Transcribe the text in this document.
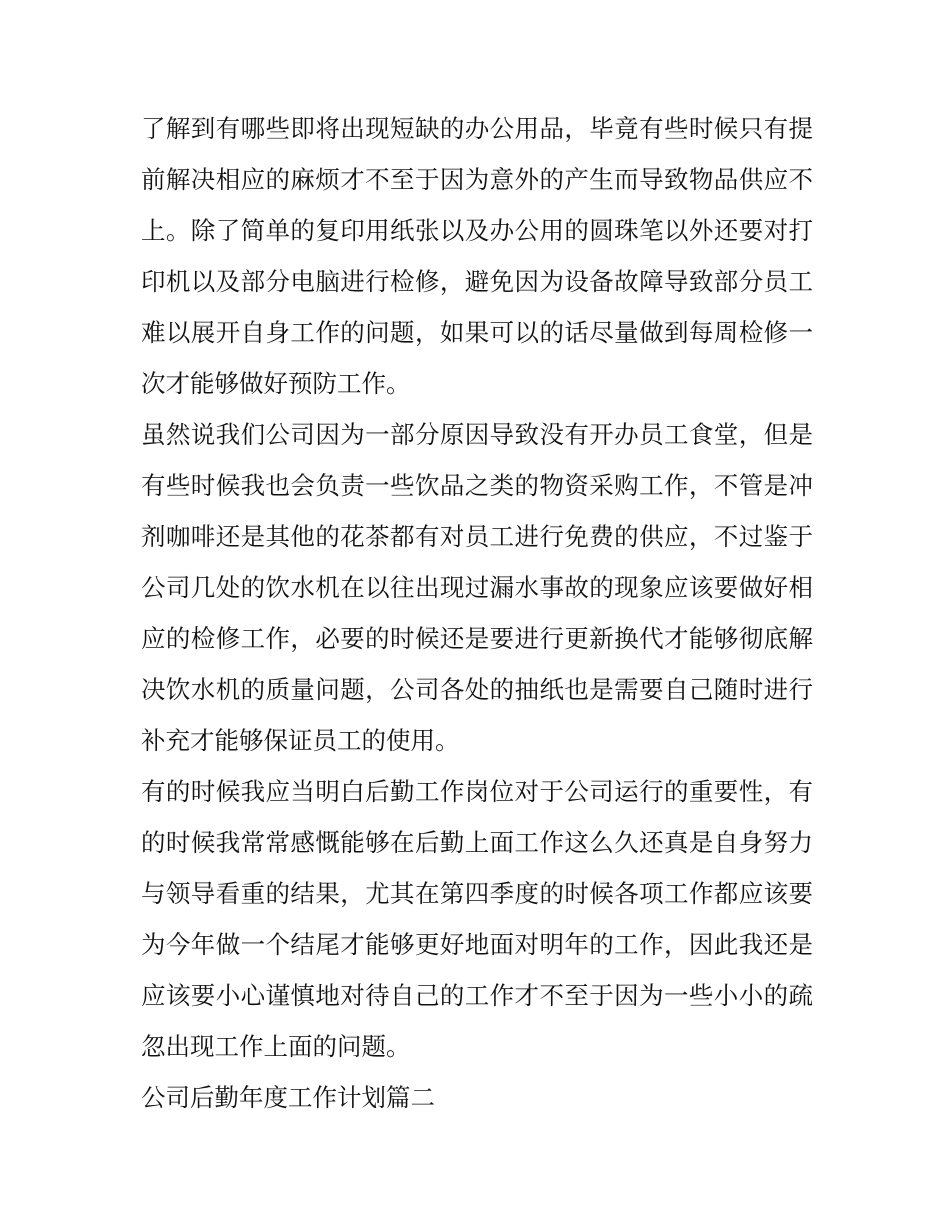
了解到有哪些即将出现短缺的办公用品，毕竟有些时候只有提前解决相应的麻烦才不至于因为意外的产生而导致物品供应不上。除了简单的复印用纸张以及办公用的圆珠笔以外还要对打印机以及部分电脑进行检修，避免因为设备故障导致部分员工难以展开自身工作的问题，如果可以的话尽量做到每周检修一次才能够做好预防工作。

虽然说我们公司因为一部分原因导致没有开办员工食堂，但是有些时候我也会负责一些饮品之类的物资采购工作，不管是冲剂咖啡还是其他的花茶都有对员工进行免费的供应，不过鉴于公司几处的饮水机在以往出现过漏水事故的现象应该要做好相应的检修工作，必要的时候还是要进行更新换代才能够彻底解决饮水机的质量问题，公司各处的抽纸也是需要自己随时进行补充才能够保证员工的使用。

有的时候我应当明白后勤工作岗位对于公司运行的重要性，有的时候我常常感慨能够在后勤上面工作这么久还真是自身努力与领导看重的结果，尤其在第四季度的时候各项工作都应该要为今年做一个结尾才能够更好地面对明年的工作，因此我还是应该要小心谨慎地对待自己的工作才不至于因为一些小小的疏忽出现工作上面的问题。

公司后勤年度工作计划篇二
